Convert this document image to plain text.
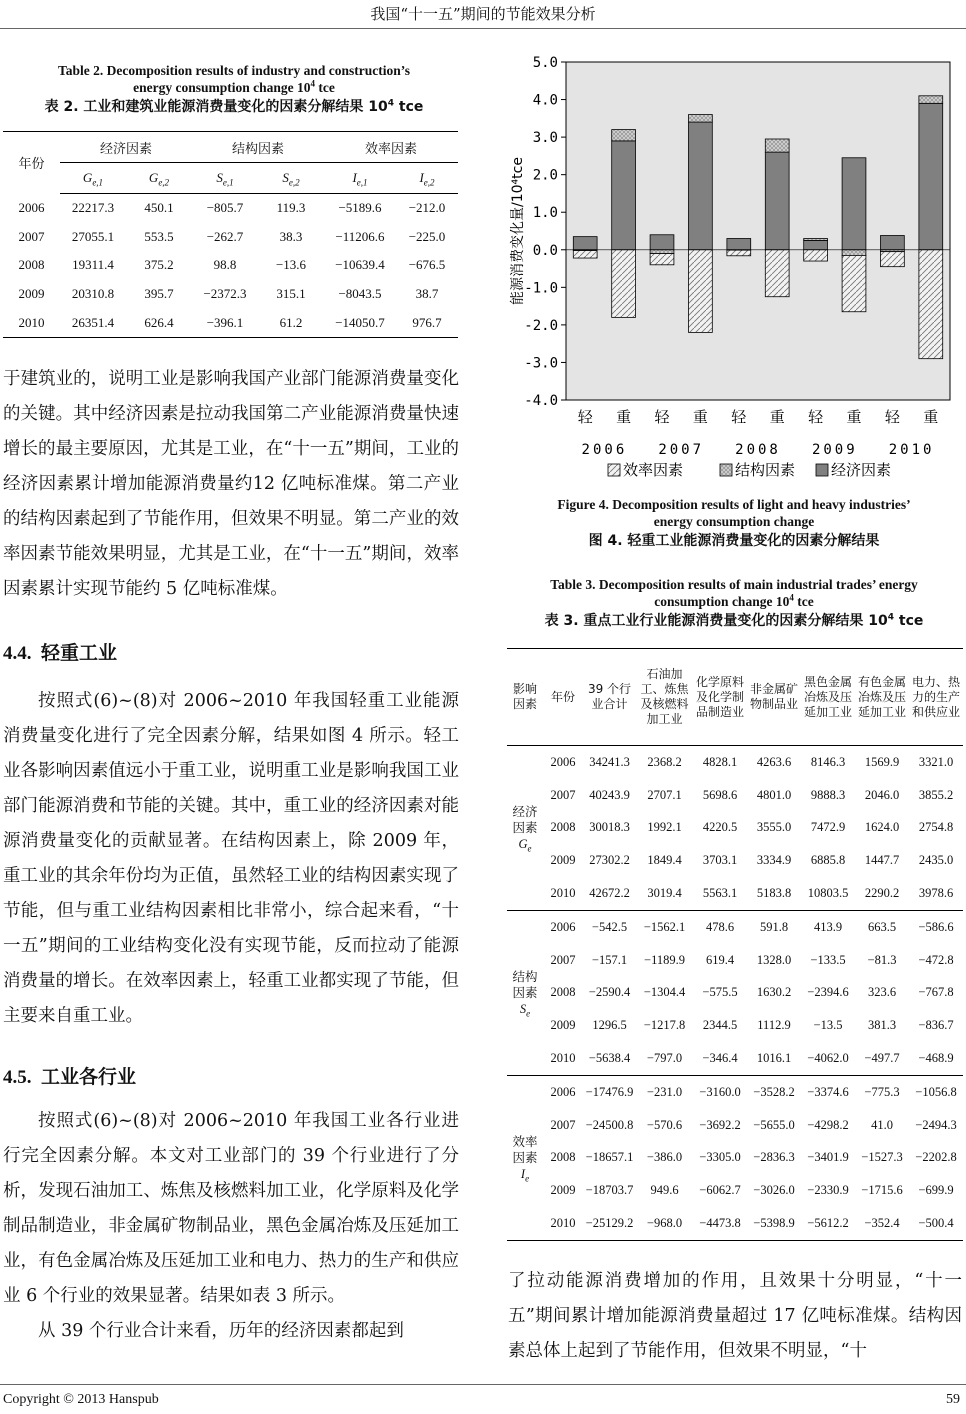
我国“十一五”期间的节能效果分析
Table 2. Decomposition results of industry and construction’s
energy consumption change $10^4$ tce
表 2. 工业和建筑业能源消费量变化的因素分解结果 $10^4$ tce
年份	经济因素		结构因素		效率因素	
	$G_{e,1}$	$G_{e,2}$	$S_{e,1}$	$S_{e,2}$	$I_{e,1}$	$I_{e,2}$
2006	22217.3	450.1	−805.7	119.3	−5189.6	−212.0
2007	27055.1	553.5	−262.7	38.3	−11206.6	−225.0
2008	19311.4	375.2	98.8	−13.6	−10639.4	−676.5
2009	20310.8	395.7	−2372.3	315.1	−8043.5	38.7
2010	26351.4	626.4	−396.1	61.2	−14050.7	976.7

于建筑业的，说明工业是影响我国产业部门能源消费量变化的关键。其中经济因素是拉动我国第二产业能源消费量快速增长的最主要原因，尤其是工业，在“十一五”期间，工业的经济因素累计增加能源消费量约12 亿吨标准煤。第二产业的结构因素起到了节能作用，但效果不明显。第二产业的效率因素节能效果明显，尤其是工业，在“十一五”期间，效率因素累计实现节能约 5 亿吨标准煤。

4.4. 轻重工业

按照式(6)~(8)对 2006~2010 年我国轻重工业能源消费量变化进行了完全因素分解，结果如图 4 所示。轻工业各影响因素值远小于重工业，说明重工业是影响我国工业部门能源消费和节能的关键。其中，重工业的经济因素对能源消费量变化的贡献显著。在结构因素上，除 2009 年，重工业的其余年份均为正值，虽然轻工业的结构因素实现了节能，但与重工业结构因素相比非常小，综合起来看，“十一五”期间的工业结构变化没有实现节能，反而拉动了能源消费量的增长。在效率因素上，轻重工业都实现了节能，但主要来自重工业。

4.5. 工业各行业

按照式(6)~(8)对 2006~2010 年我国工业各行业进行完全因素分解。本文对工业部门的 39 个行业进行了分析，发现石油加工、炼焦及核燃料加工业，化学原料及化学制品制造业，非金属矿物制品业，黑色金属冶炼及压延加工业，有色金属冶炼及压延加工业和电力、热力的生产和供应业 6 个行业的效果显著。结果如表 3 所示。

从 39 个行业合计来看，历年的经济因素都起到

5.0
4.0
3.0
2.0
1.0
0.0
-1.0
-2.0
-3.0
-4.0
轻 重 轻 重 轻 重 轻 重 轻 重
2006 2007 2008 2009 2010
能源消费变化量/10⁴tce
效率因素	结构因素 经济因素
Figure 4. Decomposition results of light and heavy industries’
energy consumption change
图 4. 轻重工业能源消费量变化的因素分解结果
Table 3. Decomposition results of main industrial trades’ energy
consumption change $10^4$ tce
表 3. 重点工业行业能源消费量变化的因素分解结果 $10^4$ tce
影响因素	年份	39 个行业合计	石油加工、炼焦及核燃料加工业	化学原料及化学制品制造业	非金属矿物制品业	黑色金属冶炼及压延加工业	有色金属冶炼及压延加工业	电力、热力的生产和供应业

经济因素
$G_e$	2006	34241.3	2368.2	4828.1	4263.6	8146.3	1569.9	3321.0
	2007	40243.9	2707.1	5698.6	4801.0	9888.3	2046.0	3855.2
	2008	30018.3	1992.1	4220.5	3555.0	7472.9	1624.0	2754.8
	2009	27302.2	1849.4	3703.1	3334.9	6885.8	1447.7	2435.0
	2010	42672.2	3019.4	5563.1	5183.8	10803.5	2290.2	3978.6

结构因素
$S_e$	2006	−542.5	−1562.1	478.6	591.8	413.9	663.5	−586.6
	2007	−157.1	−1189.9	619.4	1328.0	−133.5	−81.3	−472.8
	2008	−2590.4	−1304.4	−575.5	1630.2	−2394.6	323.6	−767.8
	2009	1296.5	−1217.8	2344.5	1112.9	−13.5	381.3	−836.7
	2010	−5638.4	−797.0	−346.4	1016.1	−4062.0	−497.7	−468.9

效率因素
$I_e$	2006	−17476.9	−231.0	−3160.0	−3528.2	−3374.6	−775.3	−1056.8
	2007	−24500.8	−570.6	−3692.2	−5655.0	−4298.2	41.0	−2494.3
	2008	−18657.1	−386.0	−3305.0	−2836.3	−3401.9	−1527.3	−2202.8
	2009	−18703.7	949.6	−6062.7	−3026.0	−2330.9	−1715.6	−699.9
	2010	−25129.2	−968.0	−4473.8	−5398.9	−5612.2	−352.4	−500.4

了拉动能源消费增加的作用，且效果十分明显，“十一五”期间累计增加能源消费量超过 17 亿吨标准煤。结构因素总体上起到了节能作用，但效果不明显，“十

Copyright © 2013 Hanspub	59
